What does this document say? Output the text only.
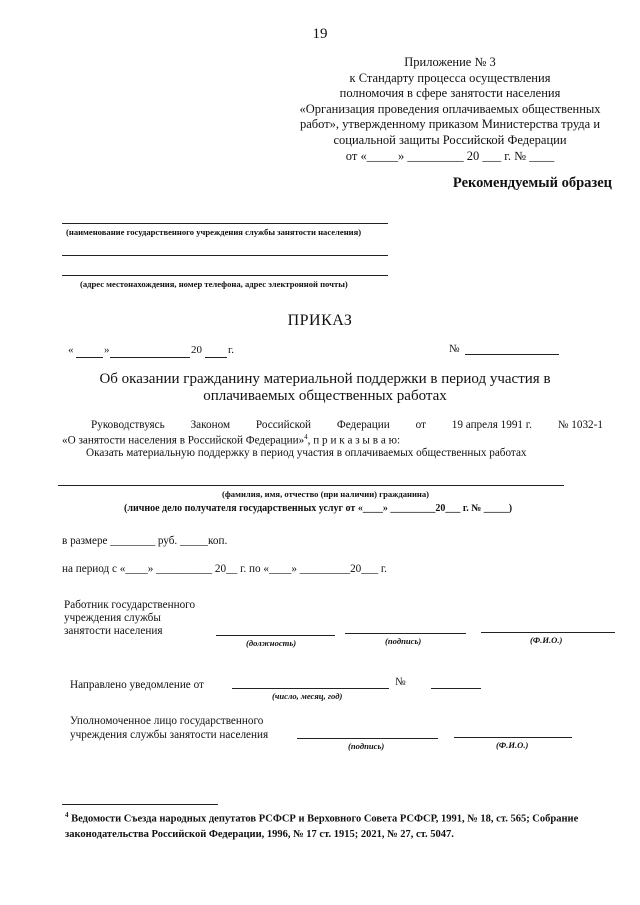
19
Приложение № 3
к Стандарту процесса осуществления
полномочия в сфере занятости населения
«Организация проведения оплачиваемых общественных
работ», утвержденному приказом Министерства труда и
социальной защиты Российской Федерации
от «_____» _________ 20 ___ г. № ____
Рекомендуемый образец
(наименование государственного учреждения службы занятости населения)
(адрес местонахождения, номер телефона, адрес электронной почты)
ПРИКАЗ
«	»	20 г.	№
Об оказании гражданину материальной поддержки в период участия в оплачиваемых общественных работах
Руководствуясь Законом Российской Федерации от 19 апреля 1991 г. № 1032-1
«О занятости населения в Российской Федерации»$^4$, п р и к а з ы в а ю:
Оказать материальную поддержку в период участия в оплачиваемых общественных работах
(фамилия, имя, отчество (при наличии) гражданина)
(личное дело получателя государственных услуг от «____» _________20___ г. № _____)
в размере ________ руб. _____коп.
на период с «____» __________ 20__ г. по «____» _________20___ г.
Работник государственного
учреждения службы
занятости населения
(должность)	(подпись)	(Ф.И.О.)
Направлено уведомление от
(число, месяц, год)
№
Уполномоченное лицо государственного
учреждения службы занятости населения
(подпись)	(Ф.И.О.)
$^4$ Ведомости Съезда народных депутатов РСФСР и Верховного Совета РСФСР, 1991, № 18, ст. 565; Собрание законодательства Российской Федерации, 1996, № 17 ст. 1915; 2021, № 27, ст. 5047.
